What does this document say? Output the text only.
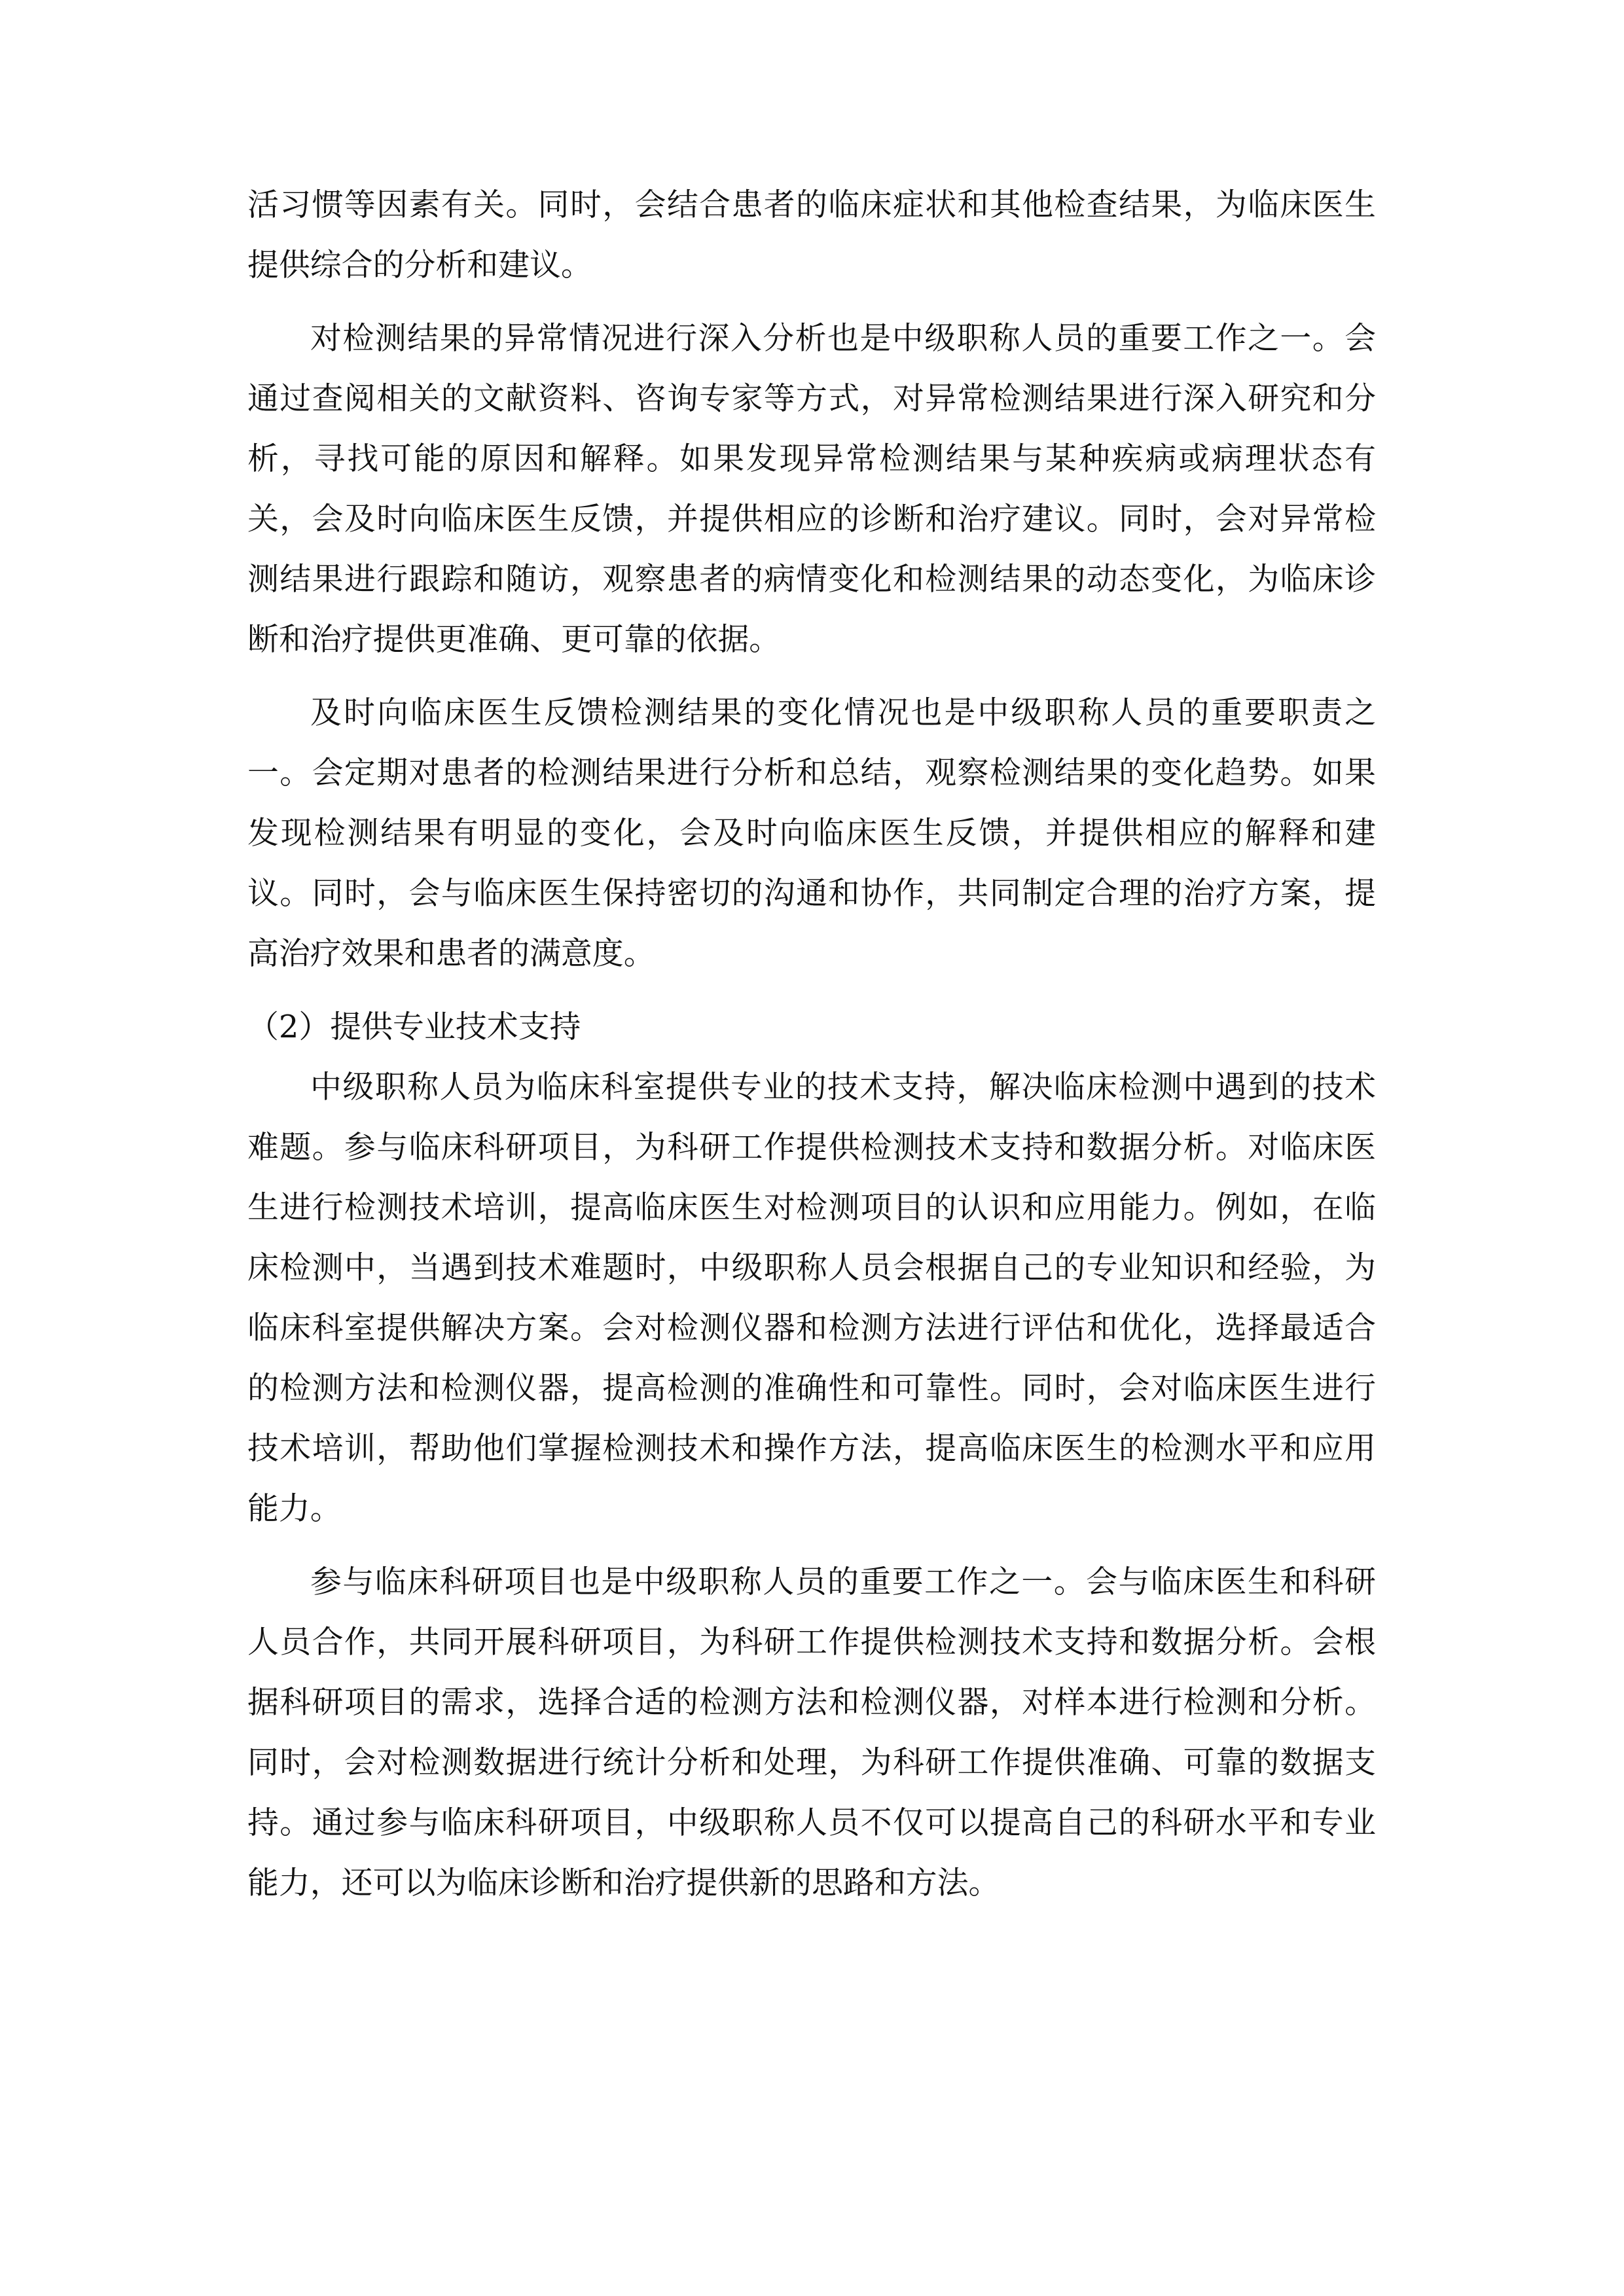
活习惯等因素有关。同时，会结合患者的临床症状和其他检查结果，为临床医生提供综合的分析和建议。

对检测结果的异常情况进行深入分析也是中级职称人员的重要工作之一。会通过查阅相关的文献资料、咨询专家等方式，对异常检测结果进行深入研究和分析，寻找可能的原因和解释。如果发现异常检测结果与某种疾病或病理状态有关，会及时向临床医生反馈，并提供相应的诊断和治疗建议。同时，会对异常检测结果进行跟踪和随访，观察患者的病情变化和检测结果的动态变化，为临床诊断和治疗提供更准确、更可靠的依据。

及时向临床医生反馈检测结果的变化情况也是中级职称人员的重要职责之一。会定期对患者的检测结果进行分析和总结，观察检测结果的变化趋势。如果发现检测结果有明显的变化，会及时向临床医生反馈，并提供相应的解释和建议。同时，会与临床医生保持密切的沟通和协作，共同制定合理的治疗方案，提高治疗效果和患者的满意度。

（2）提供专业技术支持

中级职称人员为临床科室提供专业的技术支持，解决临床检测中遇到的技术难题。参与临床科研项目，为科研工作提供检测技术支持和数据分析。对临床医生进行检测技术培训，提高临床医生对检测项目的认识和应用能力。例如，在临床检测中，当遇到技术难题时，中级职称人员会根据自己的专业知识和经验，为临床科室提供解决方案。会对检测仪器和检测方法进行评估和优化，选择最适合的检测方法和检测仪器，提高检测的准确性和可靠性。同时，会对临床医生进行技术培训，帮助他们掌握检测技术和操作方法，提高临床医生的检测水平和应用能力。

参与临床科研项目也是中级职称人员的重要工作之一。会与临床医生和科研人员合作，共同开展科研项目，为科研工作提供检测技术支持和数据分析。会根据科研项目的需求，选择合适的检测方法和检测仪器，对样本进行检测和分析。同时，会对检测数据进行统计分析和处理，为科研工作提供准确、可靠的数据支持。通过参与临床科研项目，中级职称人员不仅可以提高自己的科研水平和专业能力，还可以为临床诊断和治疗提供新的思路和方法。
